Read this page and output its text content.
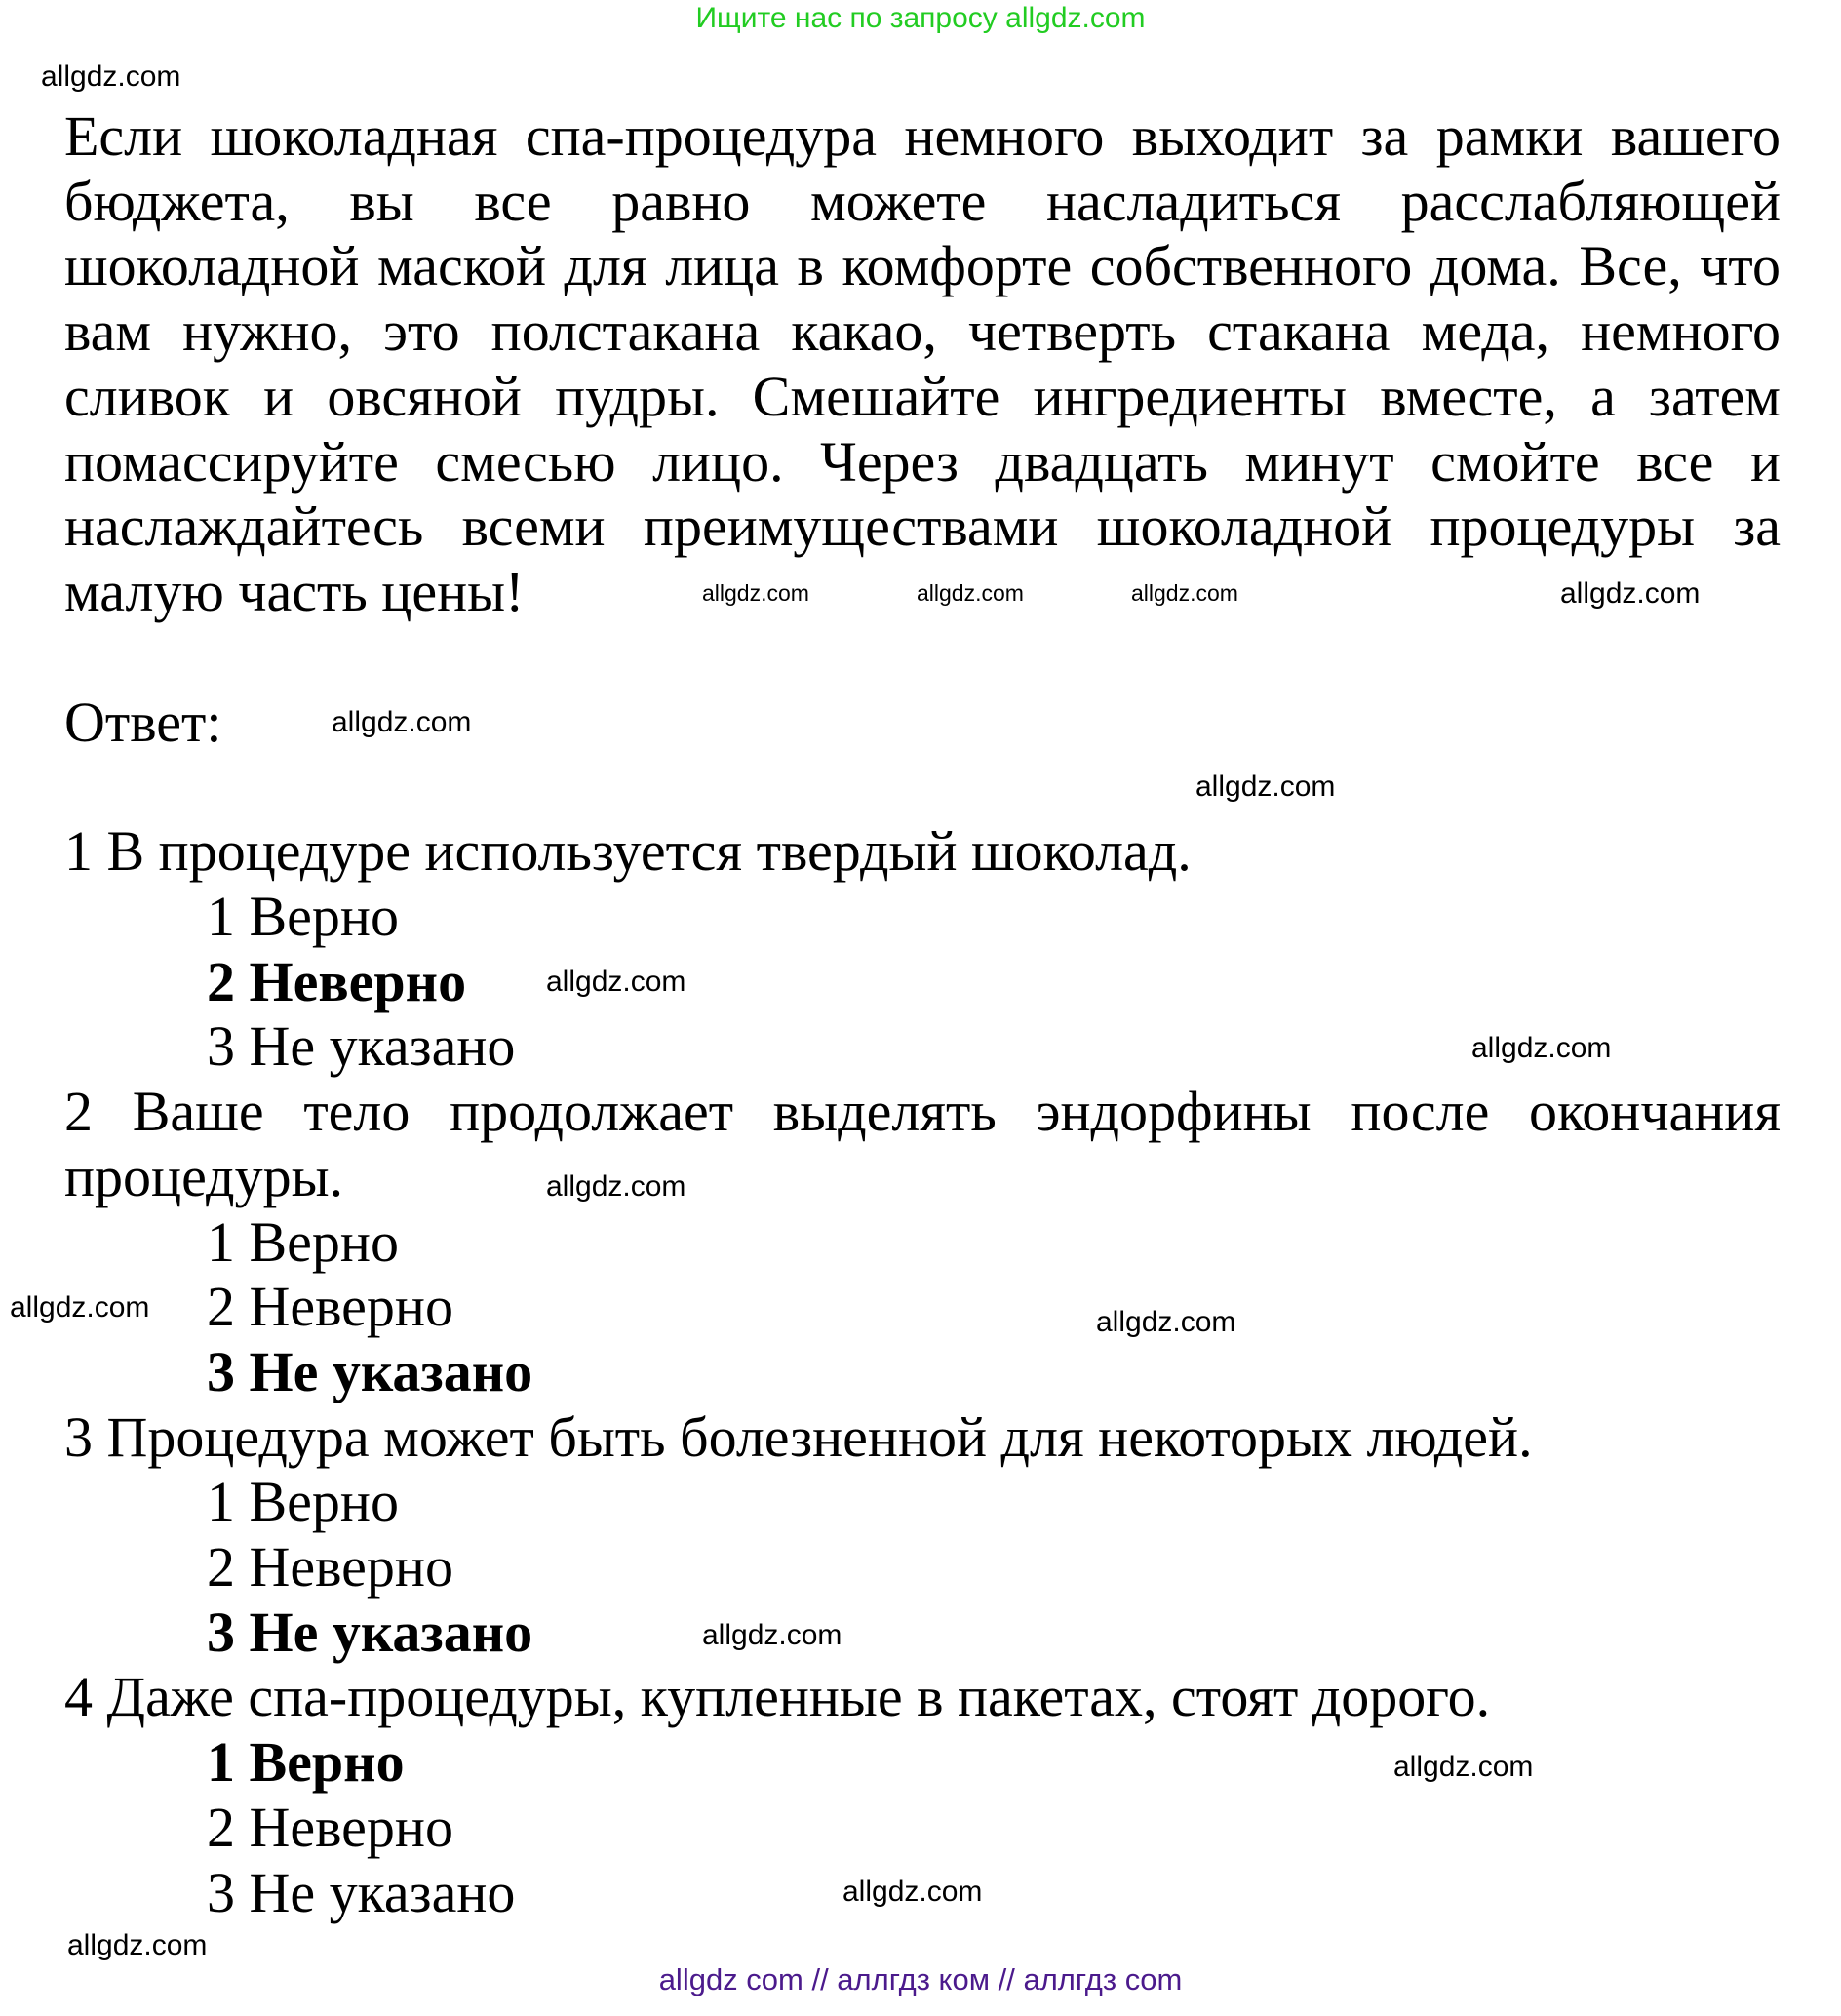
Ищите нас по запросу allgdz.com
Если шоколадная спа-процедура немного выходит за рамки вашего
бюджета, вы все равно можете насладиться расслабляющей
шоколадной маской для лица в комфорте собственного дома. Все, что
вам нужно, это полстакана какао, четверть стакана меда, немного
сливок и овсяной пудры. Смешайте ингредиенты вместе, а затем
помассируйте смесью лицо. Через двадцать минут смойте все и
наслаждайтесь всеми преимуществами шоколадной процедуры за
малую часть цены!
Ответ:
1 В процедуре используется твердый шоколад.
1 Верно
2 Неверно
3 Не указано
2 Ваше тело продолжает выделять эндорфины после окончания
процедуры.
1 Верно
2 Неверно
3 Не указано
3 Процедура может быть болезненной для некоторых людей.
1 Верно
2 Неверно
3 Не указано
4 Даже спа-процедуры, купленные в пакетах, стоят дорого.
1 Верно
2 Неверно
3 Не указано
allgdz.com
allgdz.com	allgdz.com	allgdz.com	allgdz.com
allgdz.com
allgdz.com
allgdz.com
allgdz.com
allgdz.com
allgdz.com	allgdz.com
allgdz.com
allgdz.com
allgdz.com
allgdz.com
allgdz com // аллгдз ком // аллгдз com
